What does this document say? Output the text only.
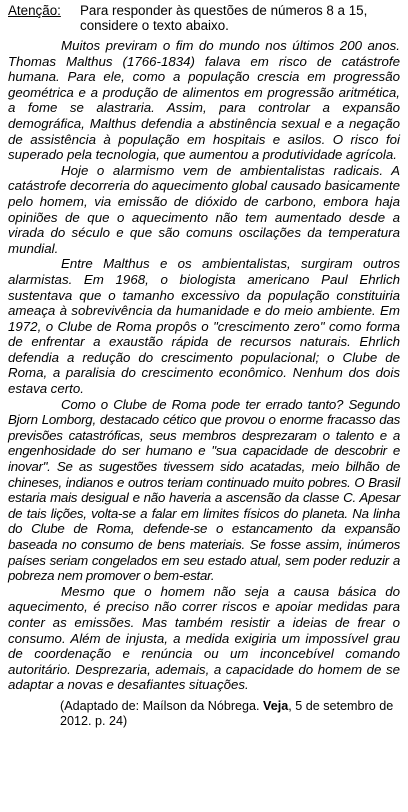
Atenção:	Para responder às questões de números 8 a 15, considere o texto abaixo.

Muitos previram o fim do mundo nos últimos 200 anos. Thomas Malthus (1766-1834) falava em risco de catástrofe humana. Para ele, como a população crescia em progressão geométrica e a produção de alimentos em progressão aritmética, a fome se alastraria. Assim, para controlar a expansão demográfica, Malthus defendia a abstinência sexual e a negação de assistência à população em hospitais e asilos. O risco foi superado pela tecnologia, que aumentou a produtividade agrícola.

Hoje o alarmismo vem de ambientalistas radicais. A catástrofe decorreria do aquecimento global causado basicamente pelo homem, via emissão de dióxido de carbono, embora haja opiniões de que o aquecimento não tem aumentado desde a virada do século e que são comuns oscilações da temperatura mundial.

Entre Malthus e os ambientalistas, surgiram outros alarmistas. Em 1968, o biologista americano Paul Ehrlich sustentava que o tamanho excessivo da população constituiria ameaça à sobrevivência da humanidade e do meio ambiente. Em 1972, o Clube de Roma propôs o "crescimento zero" como forma de enfrentar a exaustão rápida de recursos naturais. Ehrlich defendia a redução do crescimento populacional; o Clube de Roma, a paralisia do crescimento econômico. Nenhum dos dois estava certo.

Como o Clube de Roma pode ter errado tanto? Segundo Bjorn Lomborg, destacado cético que provou o enorme fracasso das previsões catastróficas, seus membros desprezaram o talento e a engenhosidade do ser humano e "sua capacidade de descobrir e inovar". Se as sugestões tivessem sido acatadas, meio bilhão de chineses, indianos e outros teriam continuado muito pobres. O Brasil estaria mais desigual e não haveria a ascensão da classe C. Apesar de tais lições, volta-se a falar em limites físicos do planeta. Na linha do Clube de Roma, defende-se o estancamento da expansão baseada no consumo de bens materiais. Se fosse assim, inúmeros países seriam congelados em seu estado atual, sem poder reduzir a pobreza nem promover o bem-estar.

Mesmo que o homem não seja a causa básica do aquecimento, é preciso não correr riscos e apoiar medidas para conter as emissões. Mas também resistir a ideias de frear o consumo. Além de injusta, a medida exigiria um impossível grau de coordenação e renúncia ou um inconcebível comando autoritário. Desprezaria, ademais, a capacidade do homem de se adaptar a novas e desafiantes situações.

(Adaptado de: Maílson da Nóbrega. Veja, 5 de setembro de 2012. p. 24)
